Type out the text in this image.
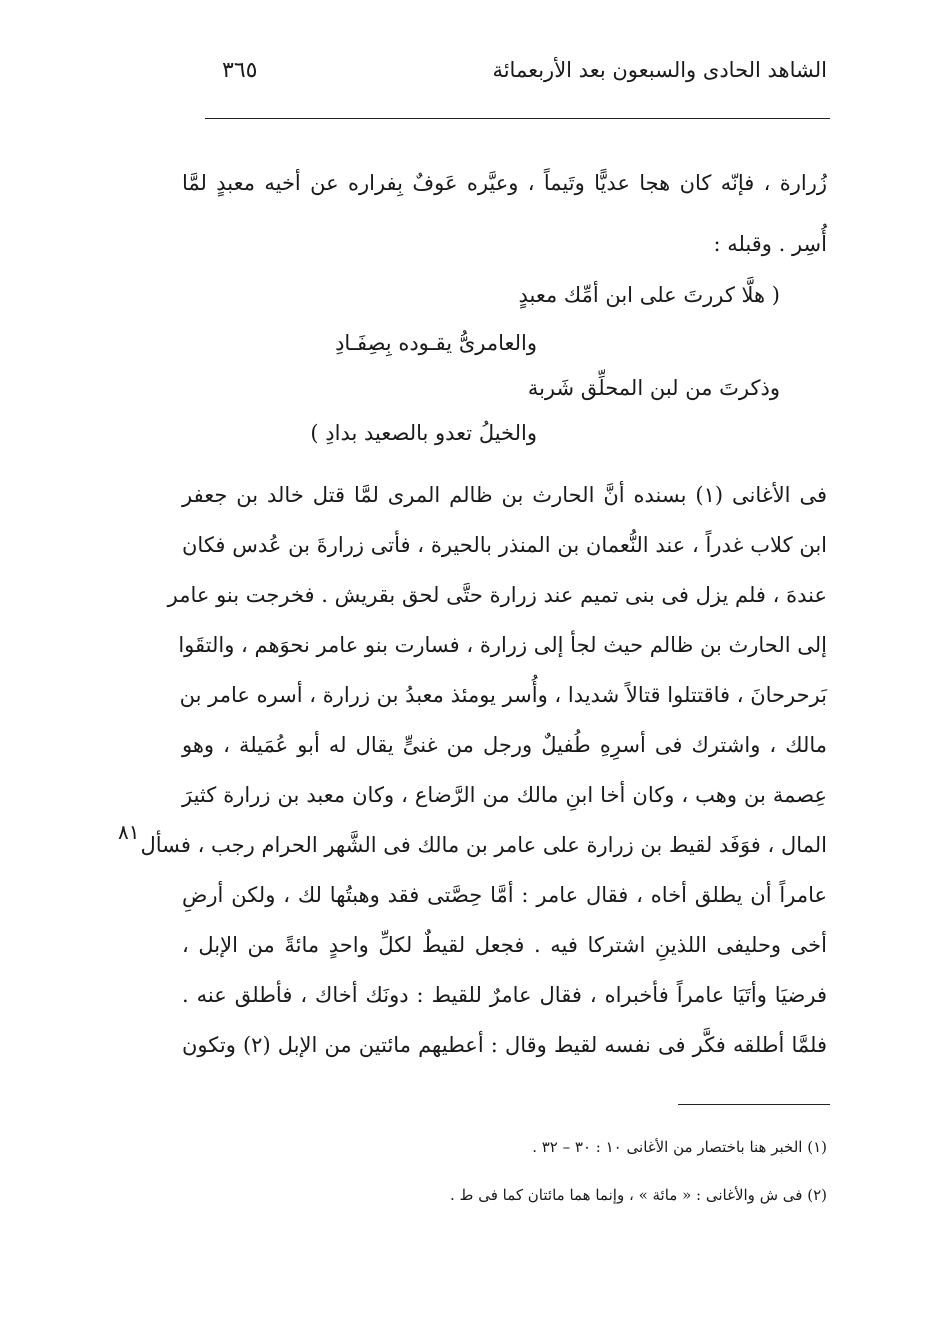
الشاهد الحادى والسبعون بعد الأربعمائة
٣٦٥
زُرارة ، فإنّه كان هجا عديًّا وتَيماً ، وعيَّره عَوفٌ بِفراره عن أخيه معبدٍ لمَّا
أُسِر . وقبله :
( هلَّا كررتَ على ابن أمِّك معبدٍ
والعامرىُّ يقـوده بِصِفَـادِ
وذكرتَ من لبن المحلِّق شَربة
والخيلُ تعدو بالصعيد بدادِ )
فى الأغانى (١) بسنده أنَّ الحارث بن ظالم المرى لمَّا قتل خالد بن جعفر
ابن كلاب غدراً ، عند النُّعمان بن المنذر بالحيرة ، فأتى زرارةَ بن عُدس فكان
عندهَ ، فلم يزل فى بنى تميم عند زرارة حتَّى لحق بقريش . فخرجت بنو عامر
إلى الحارث بن ظالم حيث لجأ إلى زرارة ، فسارت بنو عامر نحوَهم ، والتقَوا
بَرحرحانَ ، فاقتتلوا قتالاً شديدا ، وأُسر يومئذ معبدُ بن زرارة ، أسره عامر بن
مالك ، واشترك فى أسرِهِ طُفيلٌ ورجل من غنىٍّ يقال له أبو عُمَيلة ، وهو
عِصمة بن وهب ، وكان أخا ابنِ مالك من الرَّضاع ، وكان معبد بن زرارة كثيرَ
المال ، فوَفَد لقيط بن زرارة على عامر بن مالك فى الشَّهر الحرام رجب ، فسأل
عامراً أن يطلق أخاه ، فقال عامر : أمَّا حِصَّتى فقد وهبتُها لك ، ولكن أرضِ
أخى وحليفى اللذينِ اشتركا فيه . فجعل لقيطٌ لكلِّ واحدٍ مائةً من الإبل ،
فرضيَا وأتَيَا عامراً فأخبراه ، فقال عامرٌ للقيط : دونَك أخاك ، فأطلق عنه .
فلمَّا أطلقه فكَّر فى نفسه لقيط وقال : أعطيهم مائتين من الإبل (٢) وتكون
٨١
(١) الخبر هنا باختصار من الأغانى ١٠ : ٣٠ – ٣٢ .
(٢) فى ش والأغانى : « مائة » ، وإنما هما مائتان كما فى ط .
